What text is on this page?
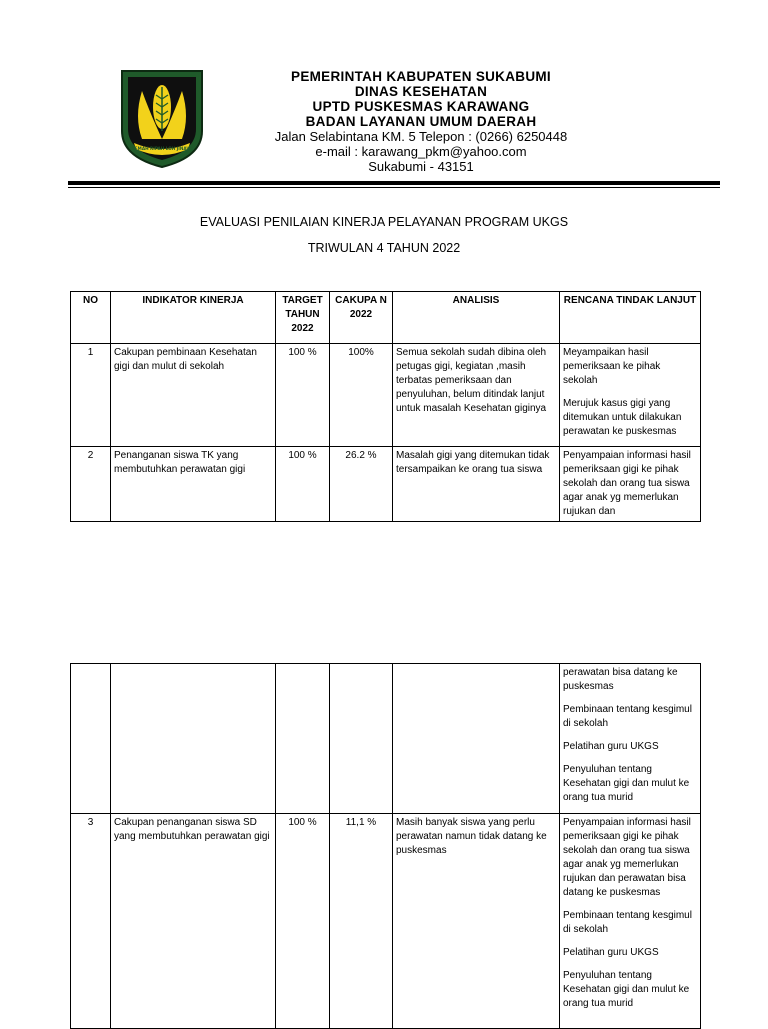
GEMAH RIPAH LOH JINAWI
PEMERINTAH KABUPATEN SUKABUMI
DINAS KESEHATAN
UPTD PUSKESMAS KARAWANG
BADAN LAYANAN UMUM DAERAH
Jalan Selabintana KM. 5 Telepon : (0266) 6250448
e-mail : karawang_pkm@yahoo.com
Sukabumi - 43151
EVALUASI PENILAIAN KINERJA PELAYANAN PROGRAM UKGS
TRIWULAN 4 TAHUN 2022
NO	INDIKATOR KINERJA	TARGET TAHUN 2022	CAKUPA N 2022	ANALISIS	RENCANA TINDAK LANJUT
1	Cakupan pembinaan Kesehatan gigi dan mulut di sekolah	100 %	100%	Semua sekolah sudah dibina oleh petugas gigi, kegiatan ,masih terbatas pemeriksaan dan penyuluhan, belum ditindak lanjut untuk masalah Kesehatan giginya	Meyampaikan hasil pemeriksaan ke pihak sekolah
Merujuk kasus gigi yang ditemukan untuk dilakukan perawatan ke puskesmas

2	Penanganan siswa TK yang membutuhkan perawatan gigi	100 %	26.2 %	Masalah gigi yang ditemukan tidak tersampaikan ke orang tua siswa	Penyampaian informasi hasil pemeriksaan gigi ke pihak sekolah dan orang tua siswa agar anak yg memerlukan rujukan dan

					perawatan bisa datang ke puskesmas
Pembinaan tentang kesgimul di sekolah
Pelatihan guru UKGS
Penyuluhan tentang Kesehatan gigi dan mulut ke orang tua murid

3	Cakupan penanganan siswa SD yang membutuhkan perawatan gigi	100 %	11,1 %	Masih banyak siswa yang perlu perawatan namun tidak datang ke puskesmas	Penyampaian informasi hasil pemeriksaan gigi ke pihak sekolah dan orang tua siswa agar anak yg memerlukan rujukan dan perawatan bisa datang ke puskesmas
Pembinaan tentang kesgimul di sekolah
Pelatihan guru UKGS
Penyuluhan tentang Kesehatan gigi dan mulut ke orang tua murid
